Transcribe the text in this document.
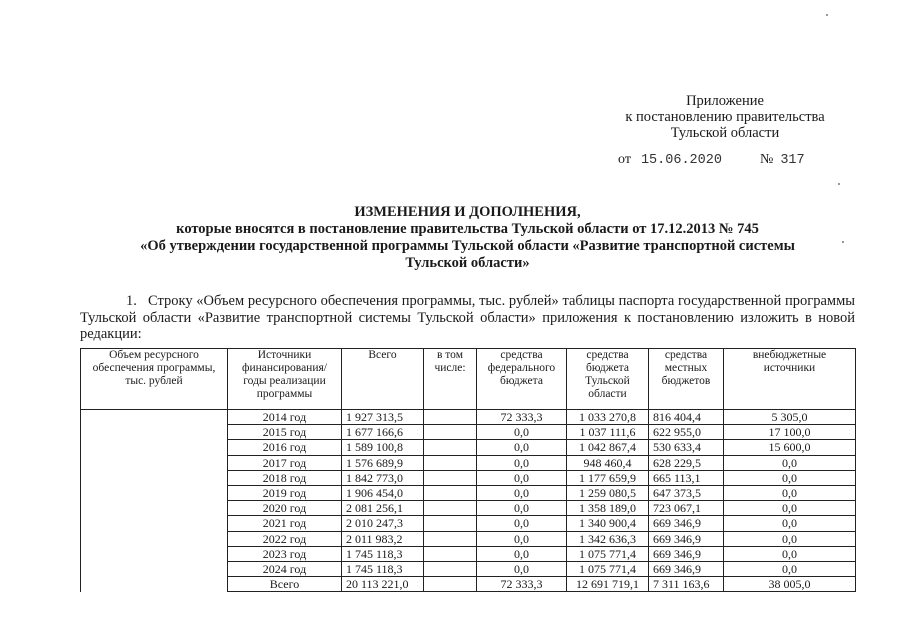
Приложение
к постановлению правительства
Тульской области
от 15.06.2020	№ 317
ИЗМЕНЕНИЯ И ДОПОЛНЕНИЯ,
которые вносятся в постановление правительства Тульской области от 17.12.2013 № 745
«Об утверждении государственной программы Тульской области «Развитие транспортной системы
Тульской области»
1. Строку «Объем ресурсного обеспечения программы, тыс. рублей» таблицы паспорта государственной программы Тульской области «Развитие транспортной системы Тульской области» приложения к постановлению изложить в новой редакции:
Объем ресурсного обеспечения программы, тыс. рублей	Источники финансирования/ годы реализации программы	Всего	в том числе:	средства федерального бюджета	средства бюджета Тульской области	средства местных бюджетов	внебюджетные источники
	2014 год	1 927 313,5		72 333,3	1 033 270,8	816 404,4	5 305,0
	2015 год	1 677 166,6		0,0	1 037 111,6	622 955,0	17 100,0
	2016 год	1 589 100,8		0,0	1 042 867,4	530 633,4	15 600,0
	2017 год	1 576 689,9		0,0	948 460,4	628 229,5	0,0
	2018 год	1 842 773,0		0,0	1 177 659,9	665 113,1	0,0
	2019 год	1 906 454,0		0,0	1 259 080,5	647 373,5	0,0
	2020 год	2 081 256,1		0,0	1 358 189,0	723 067,1	0,0
	2021 год	2 010 247,3		0,0	1 340 900,4	669 346,9	0,0
	2022 год	2 011 983,2		0,0	1 342 636,3	669 346,9	0,0
	2023 год	1 745 118,3		0,0	1 075 771,4	669 346,9	0,0
	2024 год	1 745 118,3		0,0	1 075 771,4	669 346,9	0,0
	Всего	20 113 221,0		72 333,3	12 691 719,1	7 311 163,6	38 005,0
